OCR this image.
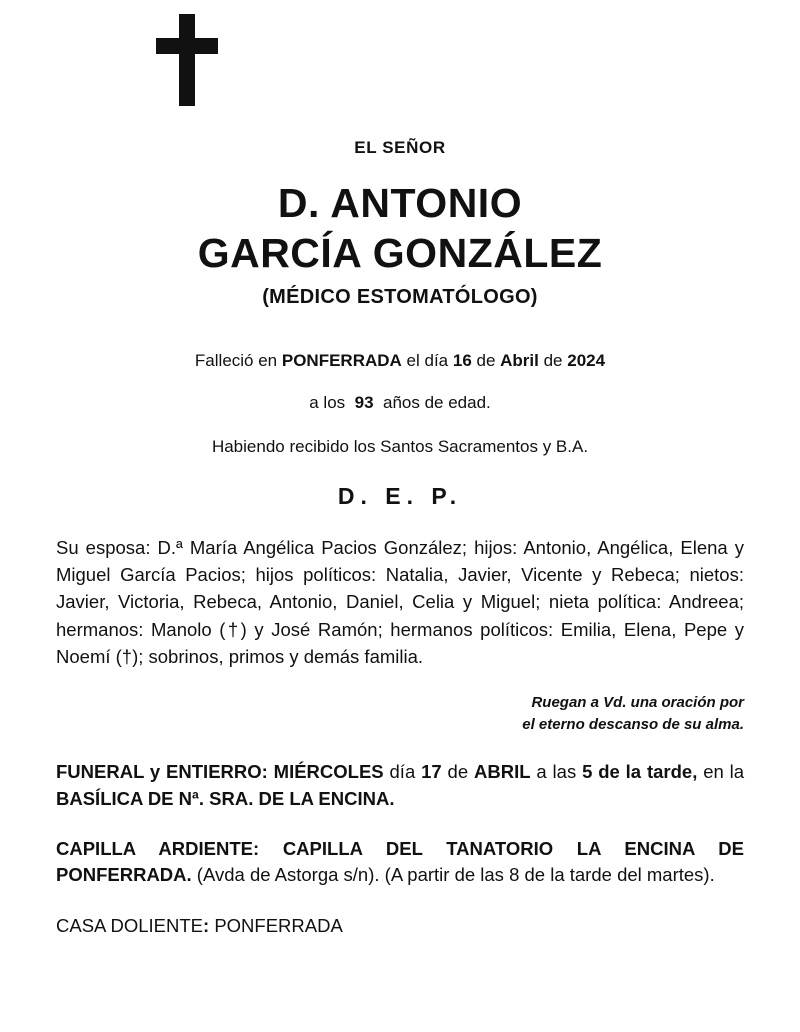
EL SEÑOR
D. ANTONIO
GARCÍA GONZÁLEZ
(MÉDICO ESTOMATÓLOGO)
Falleció en PONFERRADA el día 16 de Abril de 2024
a los  93  años de edad.
Habiendo recibido los Santos Sacramentos y B.A.
D. E. P.
Su esposa: D.ª María Angélica Pacios González; hijos: Antonio, Angélica, Elena y Miguel García Pacios; hijos políticos: Natalia, Javier, Vicente y Rebeca; nietos: Javier, Victoria, Rebeca, Antonio, Daniel, Celia y Miguel; nieta política: Andreea; hermanos: Manolo (†) y José Ramón; hermanos políticos: Emilia, Elena, Pepe y Noemí (†); sobrinos, primos y demás familia.
Ruegan a Vd. una oración por
el eterno descanso de su alma.
FUNERAL y ENTIERRO: MIÉRCOLES día 17 de ABRIL a las 5 de la tarde, en la BASÍLICA DE Nª. SRA. DE LA ENCINA.
CAPILLA ARDIENTE: CAPILLA DEL TANATORIO LA ENCINA DE PONFERRADA. (Avda de Astorga s/n). (A partir de las 8 de la tarde del martes).
CASA DOLIENTE: PONFERRADA
